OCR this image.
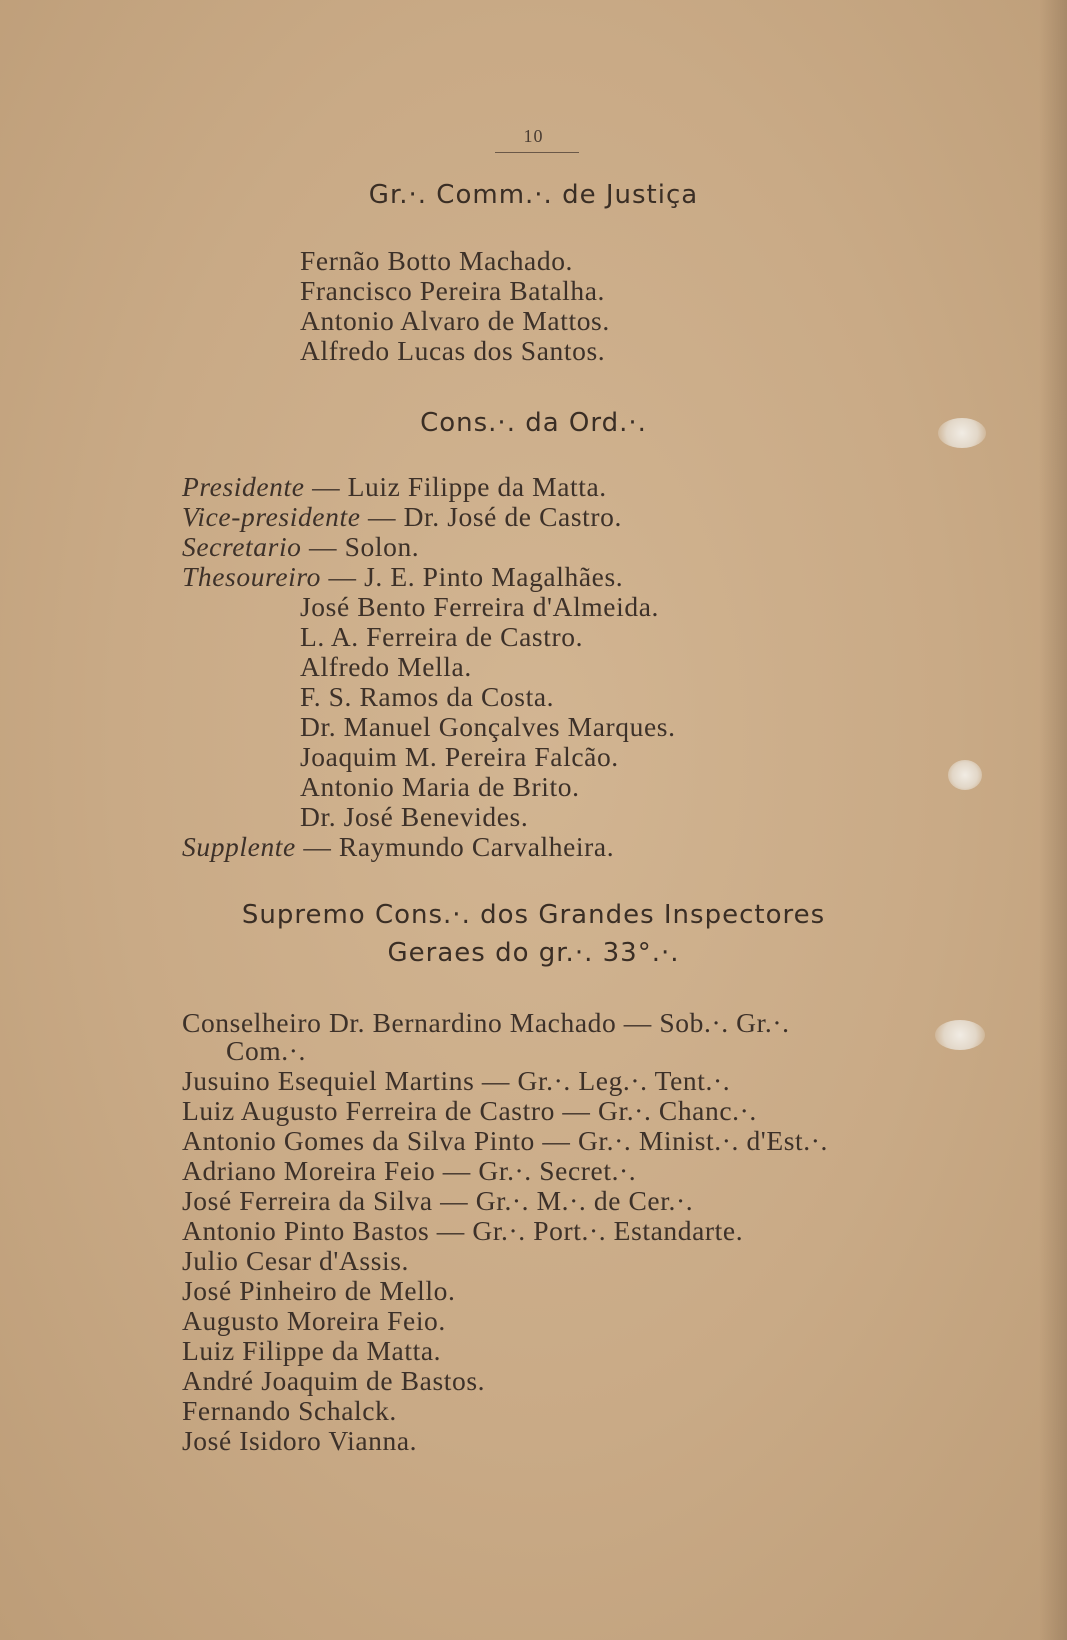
10
Gr.·. Comm.·. de Justiça
Fernão Botto Machado.
Francisco Pereira Batalha.
Antonio Alvaro de Mattos.
Alfredo Lucas dos Santos.
Cons.·. da Ord.·.
Presidente — Luiz Filippe da Matta.
Vice-presidente — Dr. José de Castro.
Secretario — Solon.
Thesoureiro — J. E. Pinto Magalhães.
José Bento Ferreira d'Almeida.
L. A. Ferreira de Castro.
Alfredo Mella.
F. S. Ramos da Costa.
Dr. Manuel Gonçalves Marques.
Joaquim M. Pereira Falcão.
Antonio Maria de Brito.
Dr. José Benevides.
Supplente — Raymundo Carvalheira.
Supremo Cons.·. dos Grandes Inspectores
Geraes do gr.·. 33°.·.
Conselheiro Dr. Bernardino Machado — Sob.·. Gr.·.
Com.·.
Jusuino Esequiel Martins — Gr.·. Leg.·. Tent.·.
Luiz Augusto Ferreira de Castro — Gr.·. Chanc.·.
Antonio Gomes da Silva Pinto — Gr.·. Minist.·. d'Est.·.
Adriano Moreira Feio — Gr.·. Secret.·.
José Ferreira da Silva — Gr.·. M.·. de Cer.·.
Antonio Pinto Bastos — Gr.·. Port.·. Estandarte.
Julio Cesar d'Assis.
José Pinheiro de Mello.
Augusto Moreira Feio.
Luiz Filippe da Matta.
André Joaquim de Bastos.
Fernando Schalck.
José Isidoro Vianna.
